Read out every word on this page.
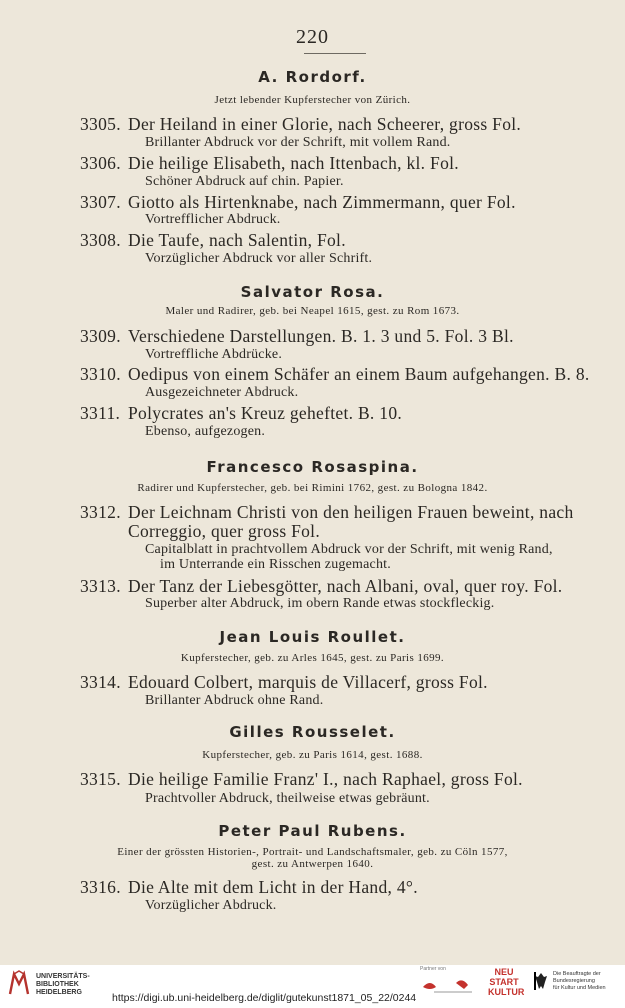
220
A. Rordorf.
Jetzt lebender Kupferstecher von Zürich.
3305. Der Heiland in einer Glorie, nach Scheerer, gross Fol.
Brillanter Abdruck vor der Schrift, mit vollem Rand.
3306. Die heilige Elisabeth, nach Ittenbach, kl. Fol.
Schöner Abdruck auf chin. Papier.
3307. Giotto als Hirtenknabe, nach Zimmermann, quer Fol.
Vortrefflicher Abdruck.
3308. Die Taufe, nach Salentin, Fol.
Vorzüglicher Abdruck vor aller Schrift.
Salvator Rosa.
Maler und Radirer, geb. bei Neapel 1615, gest. zu Rom 1673.
3309. Verschiedene Darstellungen. B. 1. 3 und 5. Fol. 3 Bl.
Vortreffliche Abdrücke.
3310. Oedipus von einem Schäfer an einem Baum aufgehangen. B. 8.
Ausgezeichneter Abdruck.
3311. Polycrates an's Kreuz geheftet. B. 10.
Ebenso, aufgezogen.
Francesco Rosaspina.
Radirer und Kupferstecher, geb. bei Rimini 1762, gest. zu Bologna 1842.
3312. Der Leichnam Christi von den heiligen Frauen beweint, nach
Correggio, quer gross Fol.
Capitalblatt in prachtvollem Abdruck vor der Schrift, mit wenig Rand,
im Unterrande ein Risschen zugemacht.
3313. Der Tanz der Liebesgötter, nach Albani, oval, quer roy. Fol.
Superber alter Abdruck, im obern Rande etwas stockfleckig.
Jean Louis Roullet.
Kupferstecher, geb. zu Arles 1645, gest. zu Paris 1699.
3314. Edouard Colbert, marquis de Villacerf, gross Fol.
Brillanter Abdruck ohne Rand.
Gilles Rousselet.
Kupferstecher, geb. zu Paris 1614, gest. 1688.
3315. Die heilige Familie Franz' I., nach Raphael, gross Fol.
Prachtvoller Abdruck, theilweise etwas gebräunt.
Peter Paul Rubens.
Einer der grössten Historien-, Portrait- und Landschaftsmaler, geb. zu Cöln 1577,
gest. zu Antwerpen 1640.
3316. Die Alte mit dem Licht in der Hand, 4°.
Vorzüglicher Abdruck.
UNIVERSITÄTS-
BIBLIOTHEK
HEIDELBERG	https://digi.ub.uni-heidelberg.de/diglit/gutekunst1871_05_22/0244
Partner von	NEU
START
KULTUR
Die Beauftragte der Bundesregierung
für Kultur und Medien
